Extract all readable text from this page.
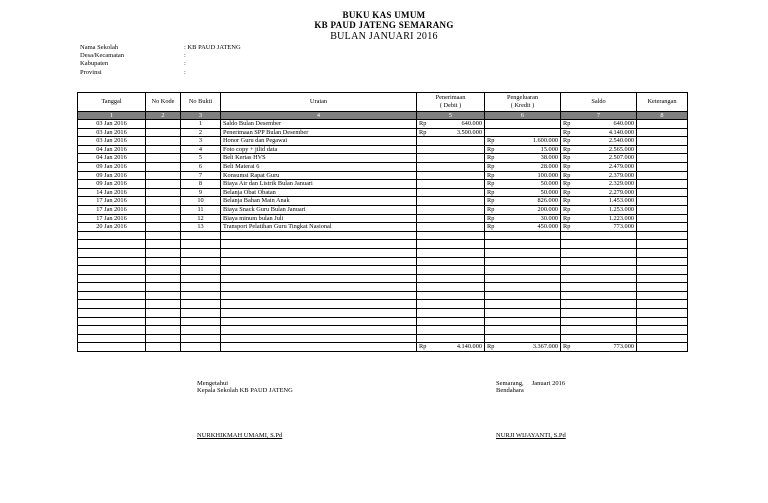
BUKU KAS UMUM
KB PAUD JATENG SEMARANG
BULAN JANUARI 2016
Nama Sekolah	: KB PAUD JATENG
Desa/Kecamatan	:
Kabupaten	:
Provinsi	:
Tanggal	No Kode	No Bukti	Uraian	Penerimaan
( Debit )	Pengeluaran
( Kredit )	Saldo	Keterangan
1	2	3	4	5	6	7	8
03 Jan 2016		1	Saldo Bulan Desember	Rp 640.000		Rp 640.000	

03 Jan 2016		2	Penerimaan SPP Bulan Desember	Rp 3.500.000		Rp 4.140.000	

03 Jan 2016		3	Honor Guru dan Pegawai		Rp 1.600.000	Rp 2.540.000	

04 Jan 2016		4	Foto copy + jilid data		Rp 15.000	Rp 2.565.000	

04 Jan 2016		5	Beli Kertas HVS		Rp 38.000	Rp 2.507.000	

09 Jan 2016		6	Beli Materai 6		Rp 28.000	Rp 2.479.000	

09 Jan 2016		7	Konsumsi Rapat Guru		Rp 100.000	Rp 2.379.000	

09 Jan 2016		8	Biaya Air dan Listrik Bulan Januari		Rp 50.000	Rp 2.329.000	

14 Jan 2016		9	Belanja Obat Obatan		Rp 50.000	Rp 2.279.000	

17 Jan 2016		10	Belanja Bahan Main Anak		Rp 826.000	Rp 1.453.000	

17 Jan 2016		11	Biaya Snack Guru Bulan Januari		Rp 200.000	Rp 1.253.000	

17 Jan 2016		12	Biaya minum bulan Juli		Rp 30.000	Rp 1.223.000	

20 Jan 2016		13	Transport Pelatihan Guru Tingkat Nasional		Rp 450.000	Rp 773.000	

				Rp 4.140.000	Rp 3.367.000	Rp 773.000	

Mengetahui
Kepala Sekolah KB PAUD JATENG
NURKHIKMAH UMAMI, S.Pd
Semarang, Januari 2016
Bendahara
NURJI WIJAYANTI, S.Pd
